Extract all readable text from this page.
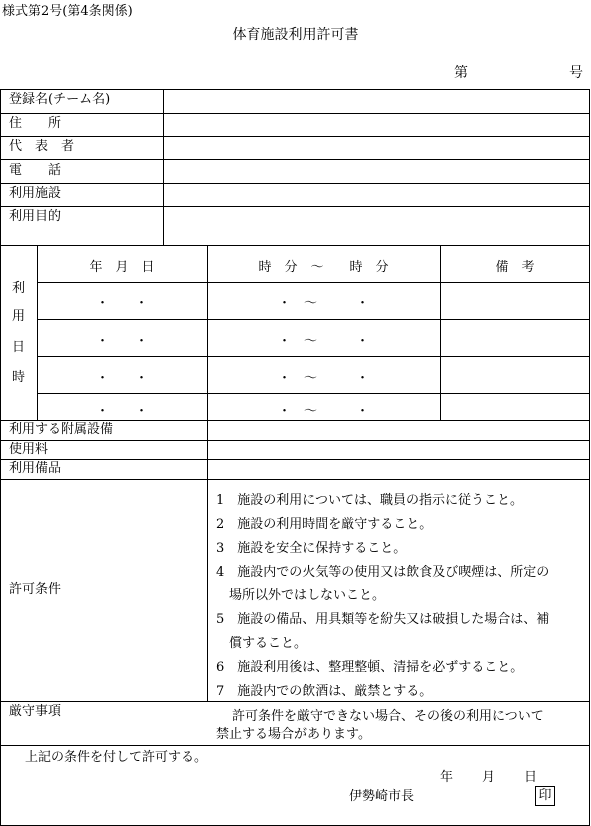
様式第2号(第4条関係)
体育施設利用許可書
第	号
登録名(チーム名)
住　　所
代　表　者
電　　話
利用施設
利用目的
利
用
日
時
年　月　日	時　分　〜　　時　分	備　考
・　　・	・　〜　　　・
・　　・	・　〜　　　・
・　　・	・　〜　　　・
・　　・	・　〜　　　・
利用する附属設備
使用料
利用備品
許可条件
1　施設の利用については、職員の指示に従うこと。
2　施設の利用時間を厳守すること。
3　施設を安全に保持すること。
4　施設内での火気等の使用又は飲食及び喫煙は、所定の
　場所以外ではしないこと。
5　施設の備品、用具類等を紛失又は破損した場合は、補
　償すること。
6　施設利用後は、整理整頓、清掃を必ずすること。
7　施設内での飲酒は、厳禁とする。
厳守事項	許可条件を厳守できない場合、その後の利用について
禁止する場合があります。
上記の条件を付して許可する。
年 月 日
伊勢崎市長	印
